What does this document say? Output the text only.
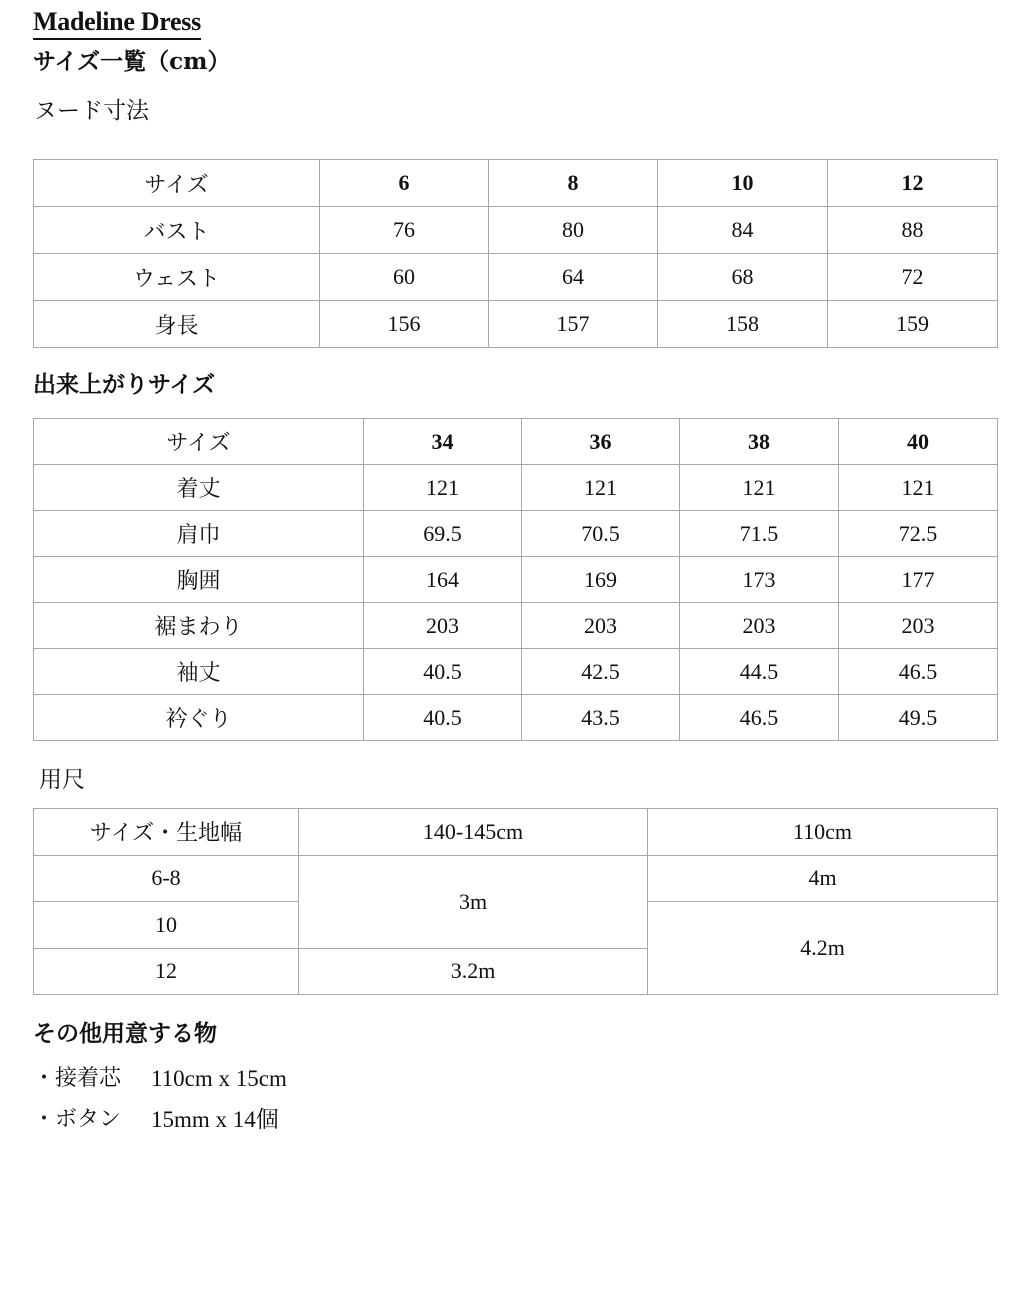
Madeline Dress
サイズ一覧（cm）
ヌード寸法
サイズ	6	8	10	12
バスト	76	80	84	88
ウェスト	60	64	68	72
身長	156	157	158	159
出来上がりサイズ
サイズ	34	36	38	40
着丈	121	121	121	121
肩巾	69.5	70.5	71.5	72.5
胸囲	164	169	173	177
裾まわり	203	203	203	203
袖丈	40.5	42.5	44.5	46.5
衿ぐり	40.5	43.5	46.5	49.5
用尺
サイズ・生地幅	140-145cm	110cm
6-8	3m	4m
10		4.2m
12	3.2m	
その他用意する物
・接着芯	110cm x 15cm
・ボタン	15mm x 14個
